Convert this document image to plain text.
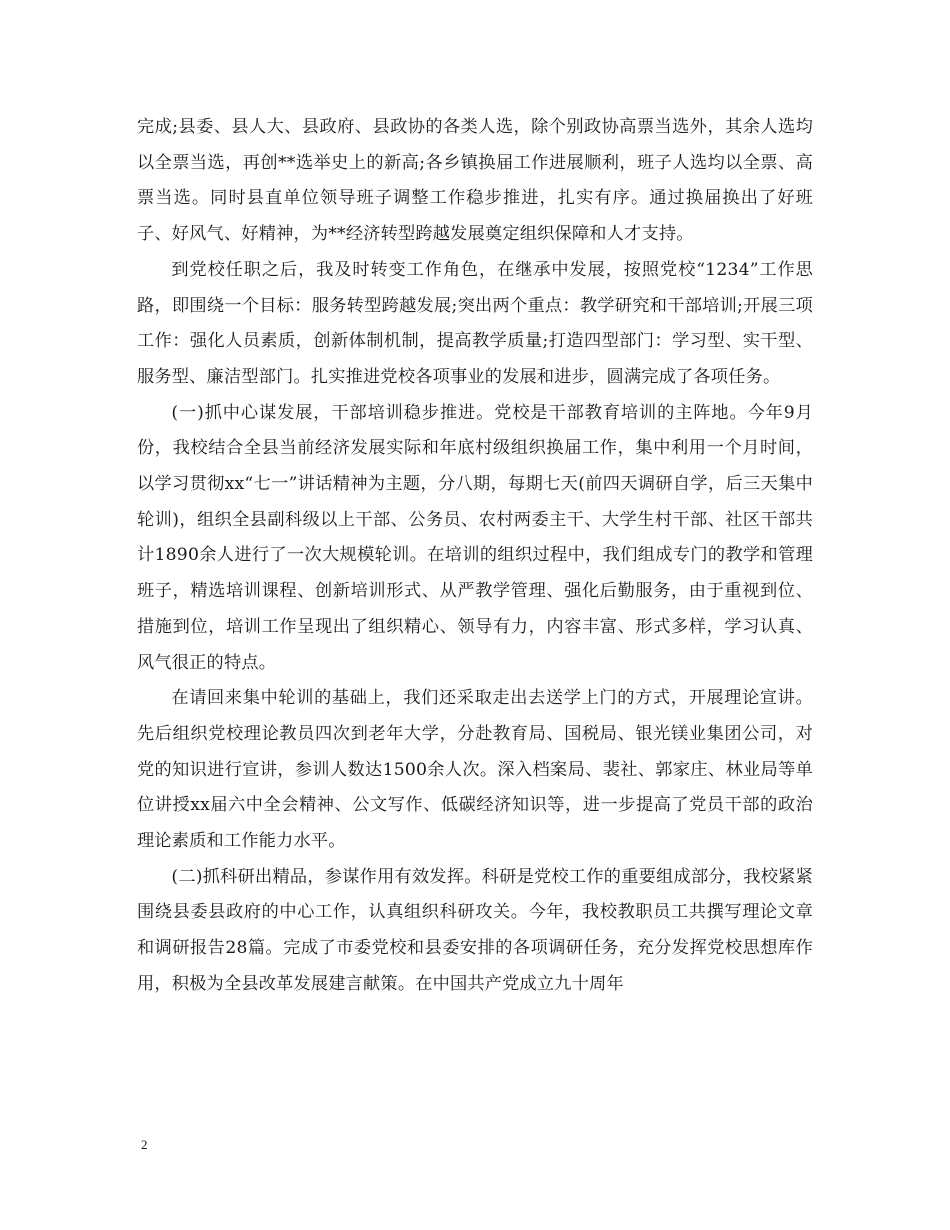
完成;县委、县人大、县政府、县政协的各类人选，除个别政协高票当选外，其余人选均以全票当选，再创**选举史上的新高;各乡镇换届工作进展顺利，班子人选均以全票、高票当选。同时县直单位领导班子调整工作稳步推进，扎实有序。通过换届换出了好班子、好风气、好精神，为**经济转型跨越发展奠定组织保障和人才支持。

到党校任职之后，我及时转变工作角色，在继承中发展，按照党校“1234”工作思路，即围绕一个目标：服务转型跨越发展;突出两个重点：教学研究和干部培训;开展三项工作：强化人员素质，创新体制机制，提高教学质量;打造四型部门：学习型、实干型、服务型、廉洁型部门。扎实推进党校各项事业的发展和进步，圆满完成了各项任务。

(一)抓中心谋发展，干部培训稳步推进。党校是干部教育培训的主阵地。今年9月份，我校结合全县当前经济发展实际和年底村级组织换届工作，集中利用一个月时间，以学习贯彻xx“七一”讲话精神为主题，分八期，每期七天(前四天调研自学，后三天集中轮训)，组织全县副科级以上干部、公务员、农村两委主干、大学生村干部、社区干部共计1890余人进行了一次大规模轮训。在培训的组织过程中，我们组成专门的教学和管理班子，精选培训课程、创新培训形式、从严教学管理、强化后勤服务，由于重视到位、措施到位，培训工作呈现出了组织精心、领导有力，内容丰富、形式多样，学习认真、风气很正的特点。

在请回来集中轮训的基础上，我们还采取走出去送学上门的方式，开展理论宣讲。先后组织党校理论教员四次到老年大学，分赴教育局、国税局、银光镁业集团公司，对党的知识进行宣讲，参训人数达1500余人次。深入档案局、裴社、郭家庄、林业局等单位讲授xx届六中全会精神、公文写作、低碳经济知识等，进一步提高了党员干部的政治理论素质和工作能力水平。

(二)抓科研出精品，参谋作用有效发挥。科研是党校工作的重要组成部分，我校紧紧围绕县委县政府的中心工作，认真组织科研攻关。今年，我校教职员工共撰写理论文章和调研报告28篇。完成了市委党校和县委安排的各项调研任务，充分发挥党校思想库作用，积极为全县改革发展建言献策。在中国共产党成立九十周年

2
